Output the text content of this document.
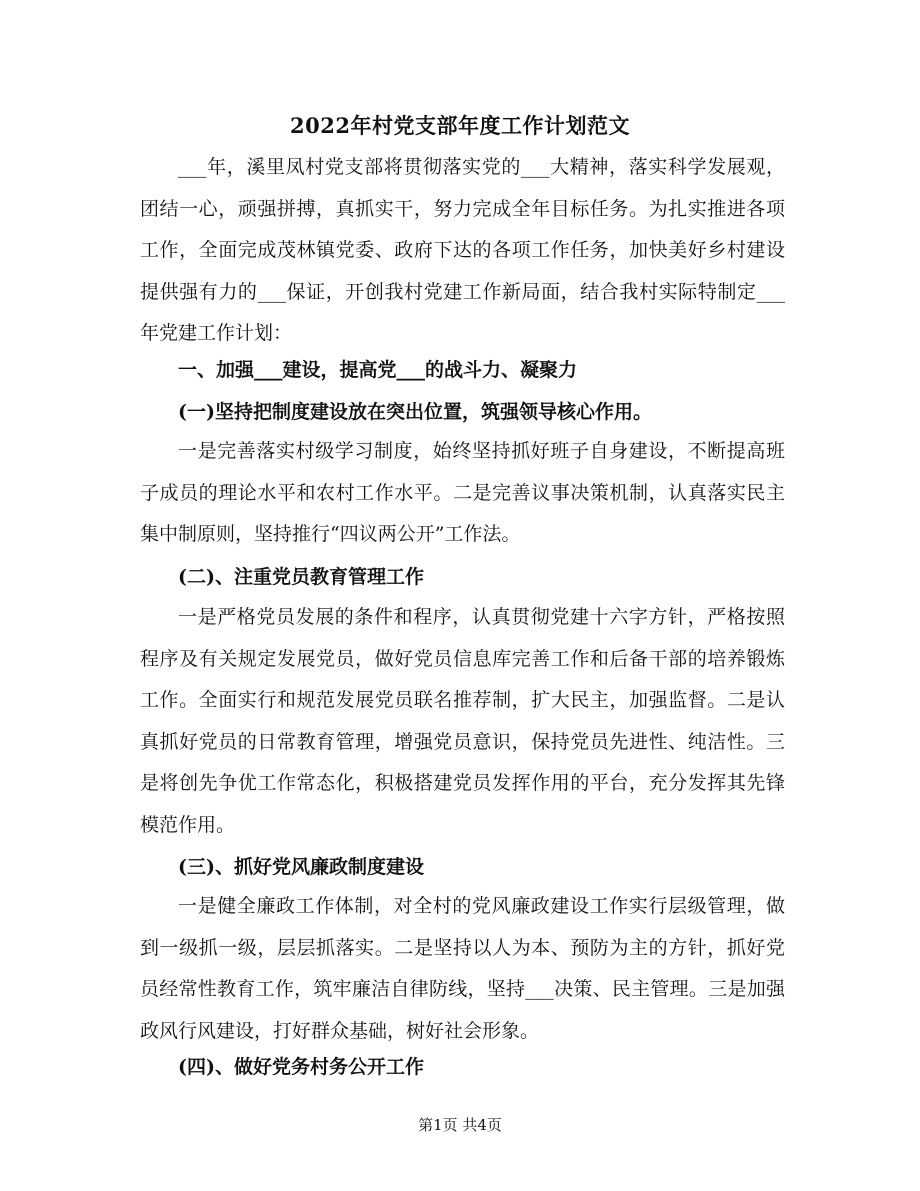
2022年村党支部年度工作计划范文
___年，溪里凤村党支部将贯彻落实党的___大精神，落实科学发展观，团结一心，顽强拼搏，真抓实干，努力完成全年目标任务。为扎实推进各项工作，全面完成茂林镇党委、政府下达的各项工作任务，加快美好乡村建设提供强有力的___保证，开创我村党建工作新局面，结合我村实际特制定___年党建工作计划：
一、加强___建设，提高党___的战斗力、凝聚力
(一)坚持把制度建设放在突出位置，筑强领导核心作用。
一是完善落实村级学习制度，始终坚持抓好班子自身建设，不断提高班子成员的理论水平和农村工作水平。二是完善议事决策机制，认真落实民主集中制原则，坚持推行“四议两公开”工作法。
(二)、注重党员教育管理工作
一是严格党员发展的条件和程序，认真贯彻党建十六字方针，严格按照程序及有关规定发展党员，做好党员信息库完善工作和后备干部的培养锻炼工作。全面实行和规范发展党员联名推荐制，扩大民主，加强监督。二是认真抓好党员的日常教育管理，增强党员意识，保持党员先进性、纯洁性。三是将创先争优工作常态化，积极搭建党员发挥作用的平台，充分发挥其先锋模范作用。
(三)、抓好党风廉政制度建设
一是健全廉政工作体制，对全村的党风廉政建设工作实行层级管理，做到一级抓一级，层层抓落实。二是坚持以人为本、预防为主的方针，抓好党员经常性教育工作，筑牢廉洁自律防线，坚持___决策、民主管理。三是加强政风行风建设，打好群众基础，树好社会形象。
(四)、做好党务村务公开工作
第1页 共4页
